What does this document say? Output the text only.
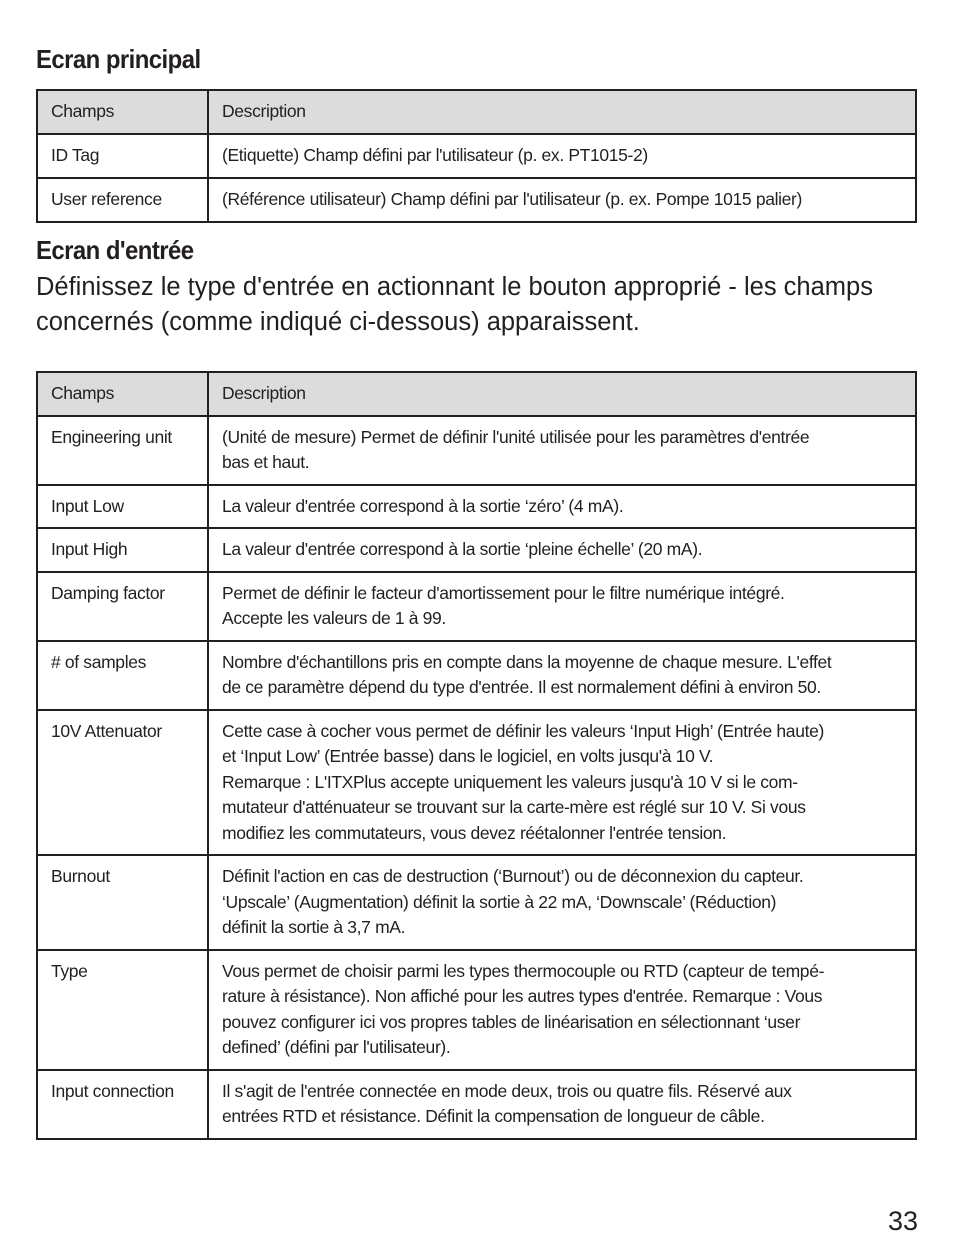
Ecran principal
Champs	Description
ID Tag	(Etiquette) Champ défini par l'utilisateur (p. ex. PT1015-2)
User reference	(Référence utilisateur) Champ défini par l'utilisateur (p. ex. Pompe 1015 palier)
Ecran d'entrée

Définissez le type d'entrée en actionnant le bouton approprié - les champs concernés (comme indiqué ci-dessous) apparaissent.

Champs	Description
Engineering unit	(Unité de mesure) Permet de définir l'unité utilisée pour les paramètres d'entrée
bas et haut.
Input Low	La valeur d'entrée correspond à la sortie ‘zéro’ (4 mA).
Input High	La valeur d'entrée correspond à la sortie ‘pleine échelle’ (20 mA).
Damping factor	Permet de définir le facteur d'amortissement pour le filtre numérique intégré.
Accepte les valeurs de 1 à 99.
# of samples	Nombre d'échantillons pris en compte dans la moyenne de chaque mesure. L'effet
de ce paramètre dépend du type d'entrée. Il est normalement défini à environ 50.
10V Attenuator	Cette case à cocher vous permet de définir les valeurs ‘Input High’ (Entrée haute)
et ‘Input Low’ (Entrée basse) dans le logiciel, en volts jusqu'à 10 V.
Remarque : L'ITXPlus accepte uniquement les valeurs jusqu'à 10 V si le com-
mutateur d'atténuateur se trouvant sur la carte-mère est réglé sur 10 V. Si vous
modifiez les commutateurs, vous devez réétalonner l'entrée tension.
Burnout	Définit l'action en cas de destruction (‘Burnout’) ou de déconnexion du capteur.
‘Upscale’ (Augmentation) définit la sortie à 22 mA, ‘Downscale’ (Réduction)
définit la sortie à 3,7 mA.
Type	Vous permet de choisir parmi les types thermocouple ou RTD (capteur de tempé-
rature à résistance). Non affiché pour les autres types d'entrée. Remarque : Vous
pouvez configurer ici vos propres tables de linéarisation en sélectionnant ‘user
defined’ (défini par l'utilisateur).
Input connection	Il s'agit de l'entrée connectée en mode deux, trois ou quatre fils. Réservé aux
entrées RTD et résistance. Définit la compensation de longueur de câble.
33
